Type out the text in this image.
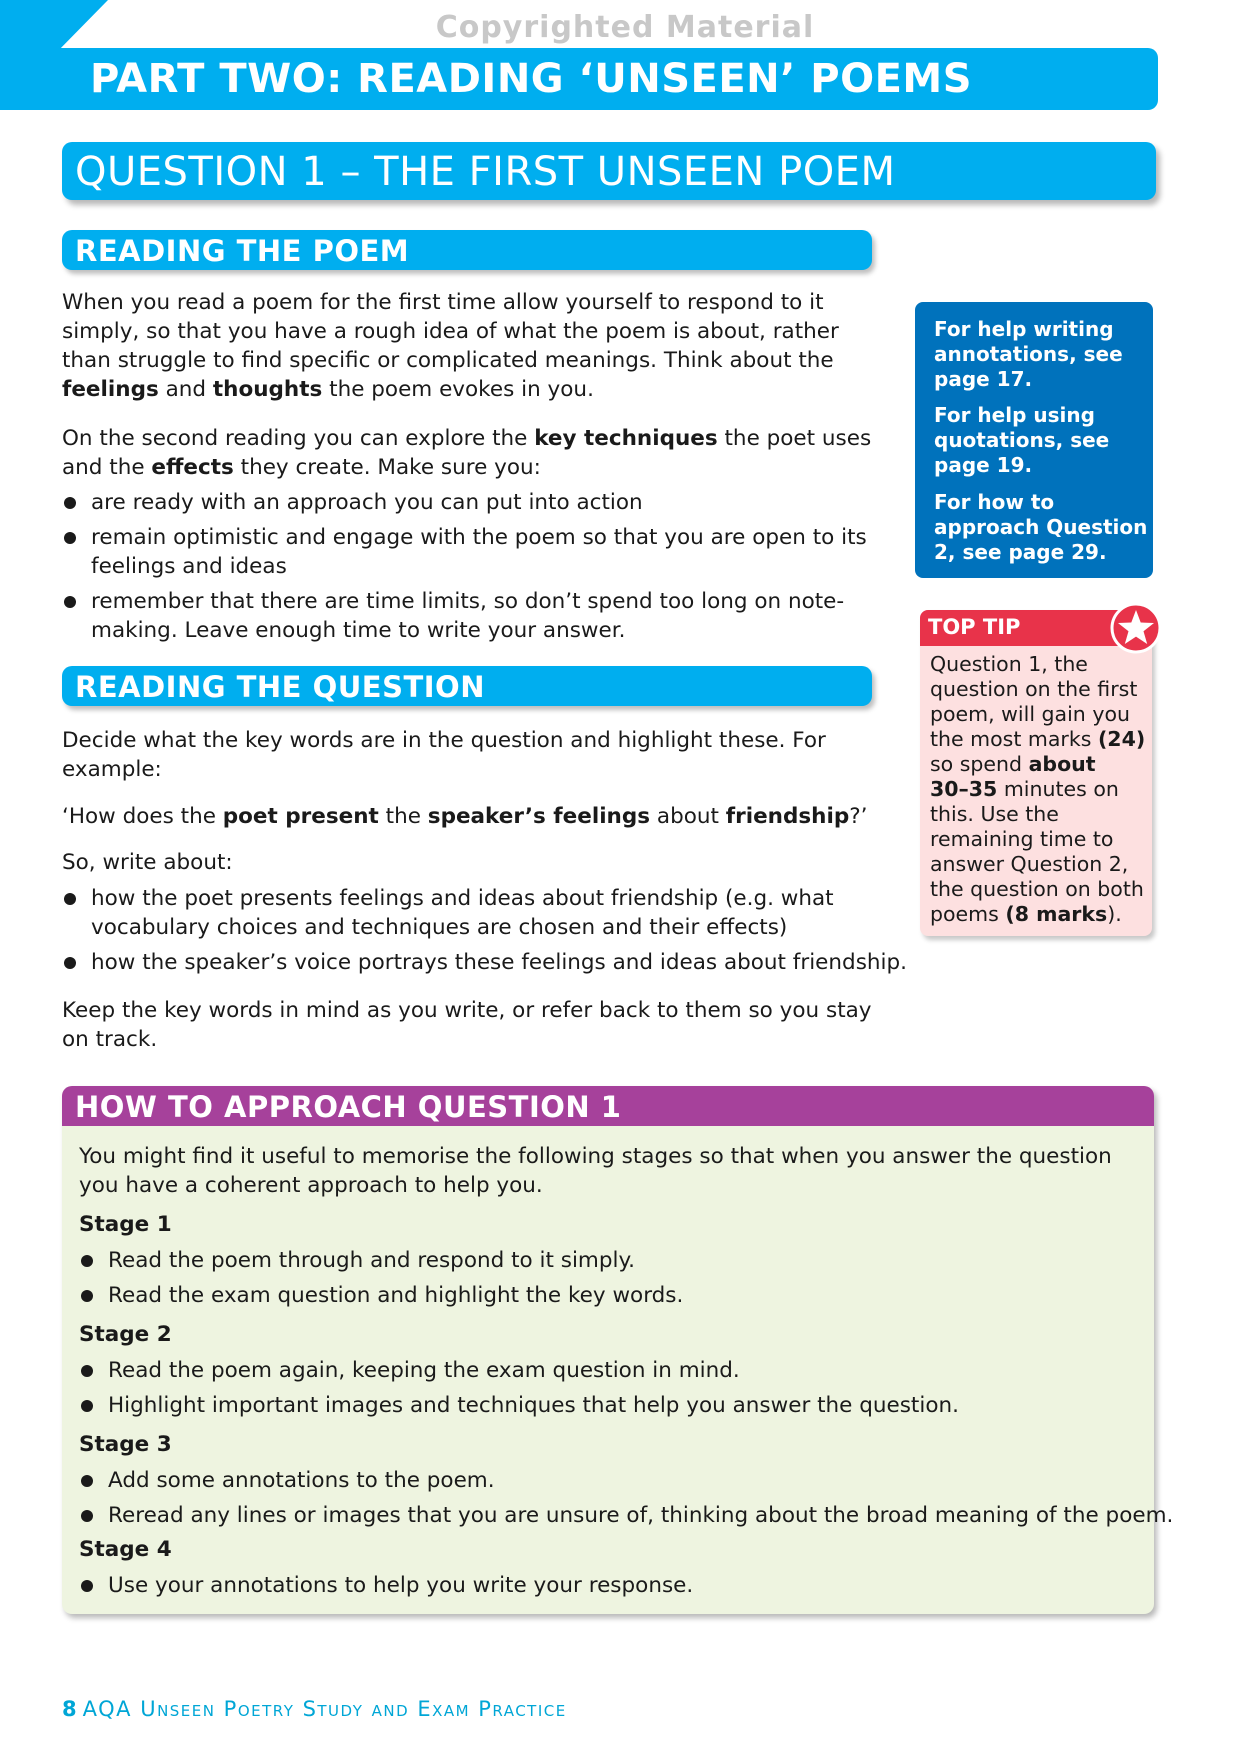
Copyrighted Material
PART TWO: READING ‘UNSEEN’ POEMS
QUESTION 1 – THE FIRST UNSEEN POEM
READING THE POEM
When you read a poem for the first time allow yourself to respond to it
simply, so that you have a rough idea of what the poem is about, rather
than struggle to find specific or complicated meanings. Think about the
feelings and thoughts the poem evokes in you.
On the second reading you can explore the key techniques the poet uses
and the effects they create. Make sure you:
are ready with an approach you can put into action
remain optimistic and engage with the poem so that you are open to its
feelings and ideas
remember that there are time limits, so don’t spend too long on note-
making. Leave enough time to write your answer.
READING THE QUESTION
Decide what the key words are in the question and highlight these. For
example:
‘How does the poet present the speaker’s feelings about friendship?’
So, write about:
how the poet presents feelings and ideas about friendship (e.g. what
vocabulary choices and techniques are chosen and their effects)
how the speaker’s voice portrays these feelings and ideas about friendship.
Keep the key words in mind as you write, or refer back to them so you stay
on track.
For help writing
annotations, see
page 17.
For help using
quotations, see
page 19.
For how to
approach Question
2, see page 29.
TOP TIP
Question 1, the
question on the first
poem, will gain you
the most marks (24)
so spend about
30–35 minutes on
this. Use the
remaining time to
answer Question 2,
the question on both
poems (8 marks).
HOW TO APPROACH QUESTION 1
You might find it useful to memorise the following stages so that when you answer the question
you have a coherent approach to help you.
Stage 1
Read the poem through and respond to it simply.
Read the exam question and highlight the key words.
Stage 2
Read the poem again, keeping the exam question in mind.
Highlight important images and techniques that help you answer the question.
Stage 3
Add some annotations to the poem.
Reread any lines or images that you are unsure of, thinking about the broad meaning of the poem.
Stage 4
Use your annotations to help you write your response.
8 AQA Unseen Poetry Study and Exam Practice
